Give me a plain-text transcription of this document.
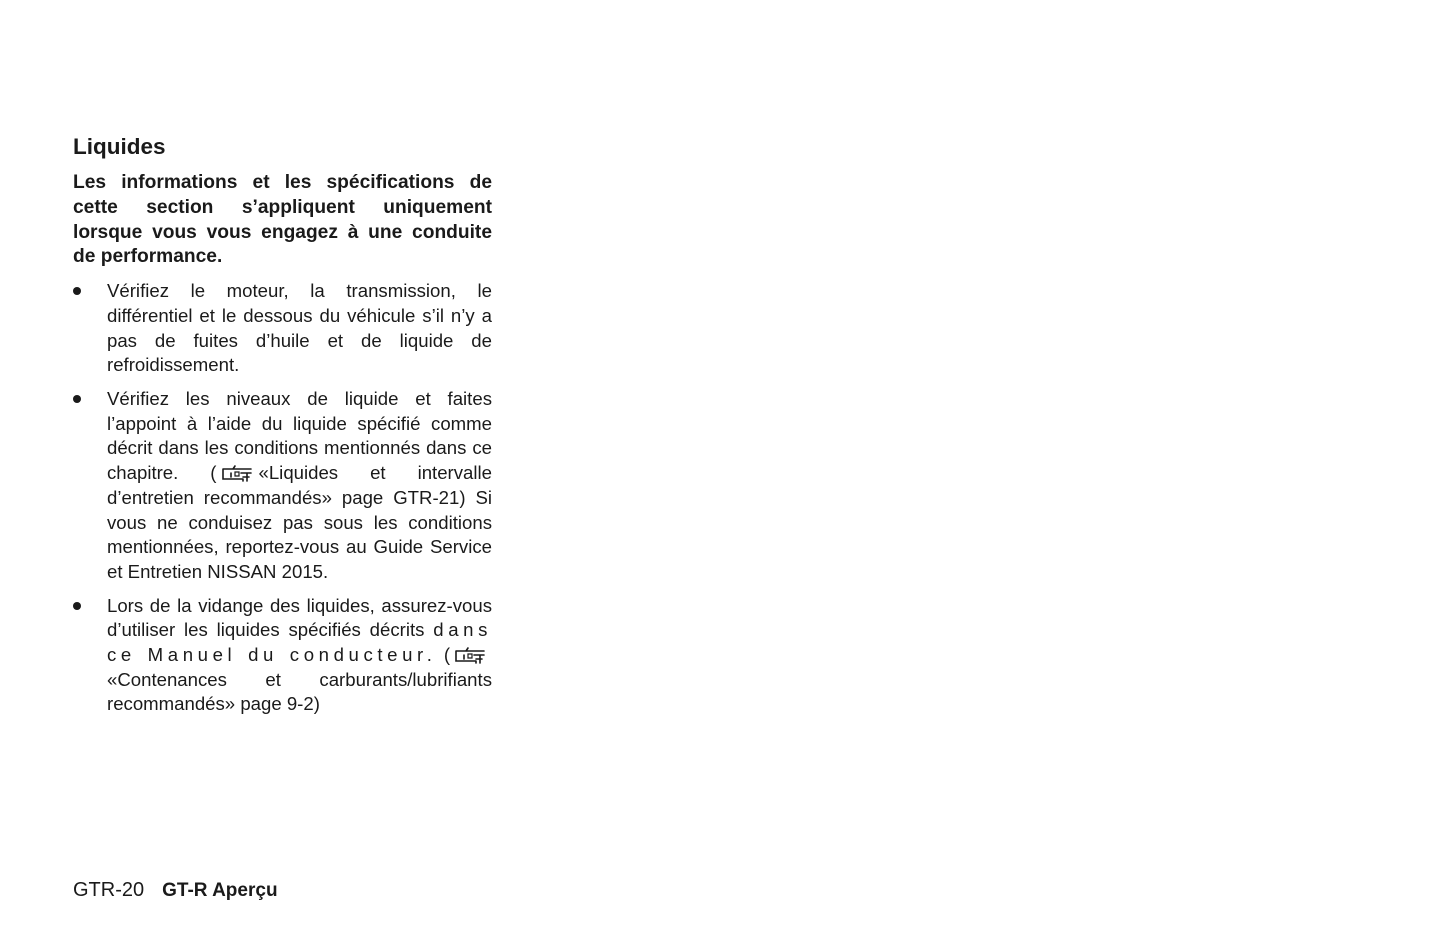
Liquides

Les informations et les spécifications de cette section s’appliquent uniquement lorsque vous vous engagez à une conduite de performance.

Vérifiez le moteur, la transmission, le différentiel et le dessous du véhicule s’il n’y a pas de fuites d’huile et de liquide de refroidissement.
Vérifiez les niveaux de liquide et faites l’appoint à l’aide du liquide spécifié comme décrit dans les conditions mentionnés dans ce chapitre. ( «Liquides et intervalle d’entretien recommandés» page GTR-21) Si vous ne conduisez pas sous les conditions mentionnées, reportez-vous au Guide Service et Entretien NISSAN 2015.
Lors de la vidange des liquides, assurez-vous d’utiliser les liquides spécifiés décrits dans ce Manuel du conducteur. («Contenances et carburants/lubrifiants recommandés» page 9-2)
GTR-20 GT-R Aperçu
